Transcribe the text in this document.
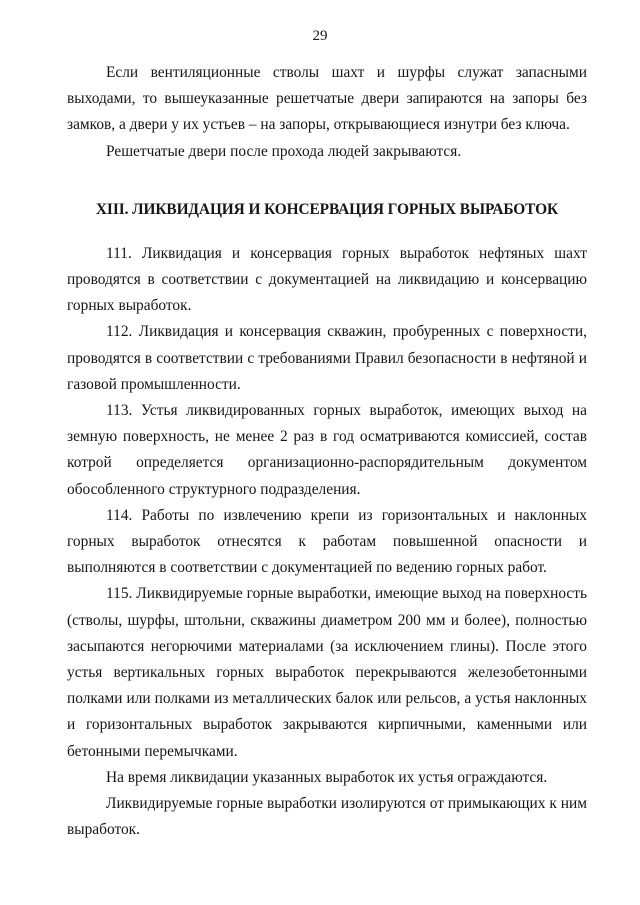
29

Если вентиляционные стволы шахт и шурфы служат запасными выходами, то вышеуказанные решетчатые двери запираются на запоры без замков, а двери у их устьев – на запоры, открывающиеся изнутри без ключа.

Решетчатые двери после прохода людей закрываются.

XIII. ЛИКВИДАЦИЯ И КОНСЕРВАЦИЯ ГОРНЫХ ВЫРАБОТОК

111. Ликвидация и консервация горных выработок нефтяных шахт проводятся в соответствии с документацией на ликвидацию и консервацию горных выработок.

112. Ликвидация и консервация скважин, пробуренных с поверхности, проводятся в соответствии с требованиями Правил безопасности в нефтяной и газовой промышленности.

113. Устья ликвидированных горных выработок, имеющих выход на земную поверхность, не менее 2 раз в год осматриваются комиссией, состав котрой определяется организационно-распорядительным документом обособленного структурного подразделения.

114. Работы по извлечению крепи из горизонтальных и наклонных горных выработок отнесятся к работам повышенной опасности и выполняются в соответствии с документацией по ведению горных работ.

115. Ликвидируемые горные выработки, имеющие выход на поверхность (стволы, шурфы, штольни, скважины диаметром 200 мм и более), полностью засыпаются негорючими материалами (за исключением глины). После этого устья вертикальных горных выработок перекрываются железобетонными полками или полками из металлических балок или рельсов, а устья наклонных и горизонтальных выработок закрываются кирпичными, каменными или бетонными перемычками.

На время ликвидации указанных выработок их устья ограждаются.

Ликвидируемые горные выработки изолируются от примыкающих к ним выработок.
